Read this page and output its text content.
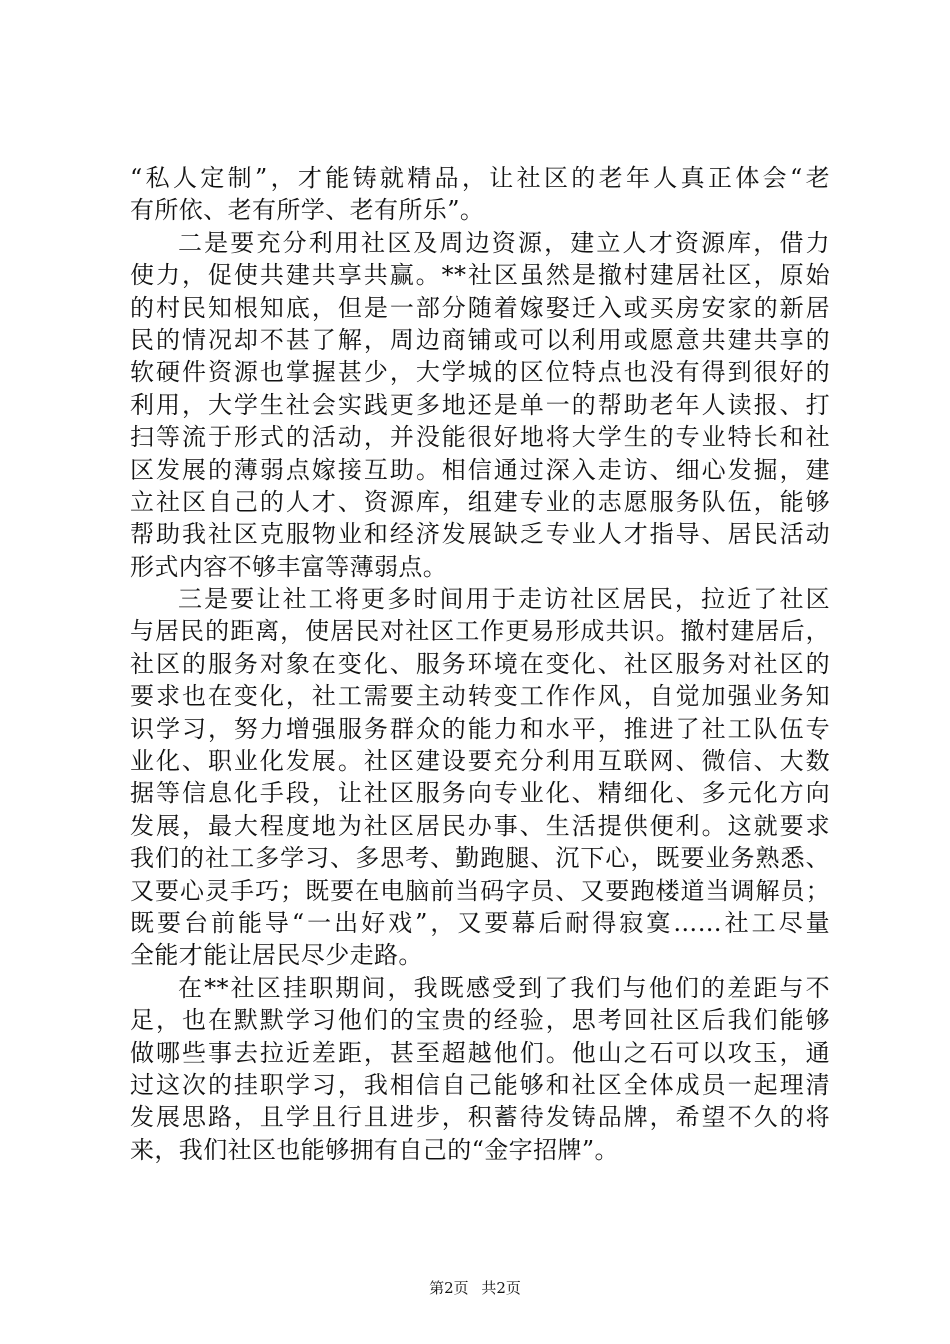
“私人定制”，才能铸就精品，让社区的老年人真正体会“老
有所依、老有所学、老有所乐”。
二是要充分利用社区及周边资源，建立人才资源库，借力
使力，促使共建共享共赢。**社区虽然是撤村建居社区，原始
的村民知根知底，但是一部分随着嫁娶迁入或买房安家的新居
民的情况却不甚了解，周边商铺或可以利用或愿意共建共享的
软硬件资源也掌握甚少，大学城的区位特点也没有得到很好的
利用，大学生社会实践更多地还是单一的帮助老年人读报、打
扫等流于形式的活动，并没能很好地将大学生的专业特长和社
区发展的薄弱点嫁接互助。相信通过深入走访、细心发掘，建
立社区自己的人才、资源库，组建专业的志愿服务队伍，能够
帮助我社区克服物业和经济发展缺乏专业人才指导、居民活动
形式内容不够丰富等薄弱点。
三是要让社工将更多时间用于走访社区居民，拉近了社区
与居民的距离，使居民对社区工作更易形成共识。撤村建居后，
社区的服务对象在变化、服务环境在变化、社区服务对社区的
要求也在变化，社工需要主动转变工作作风，自觉加强业务知
识学习，努力增强服务群众的能力和水平，推进了社工队伍专
业化、职业化发展。社区建设要充分利用互联网、微信、大数
据等信息化手段，让社区服务向专业化、精细化、多元化方向
发展，最大程度地为社区居民办事、生活提供便利。这就要求
我们的社工多学习、多思考、勤跑腿、沉下心，既要业务熟悉、
又要心灵手巧；既要在电脑前当码字员、又要跑楼道当调解员；
既要台前能导“一出好戏”，又要幕后耐得寂寞……社工尽量
全能才能让居民尽少走路。
在**社区挂职期间，我既感受到了我们与他们的差距与不
足，也在默默学习他们的宝贵的经验，思考回社区后我们能够
做哪些事去拉近差距，甚至超越他们。他山之石可以攻玉，通
过这次的挂职学习，我相信自己能够和社区全体成员一起理清
发展思路，且学且行且进步，积蓄待发铸品牌，希望不久的将
来，我们社区也能够拥有自己的“金字招牌”。
第2页 共2页
